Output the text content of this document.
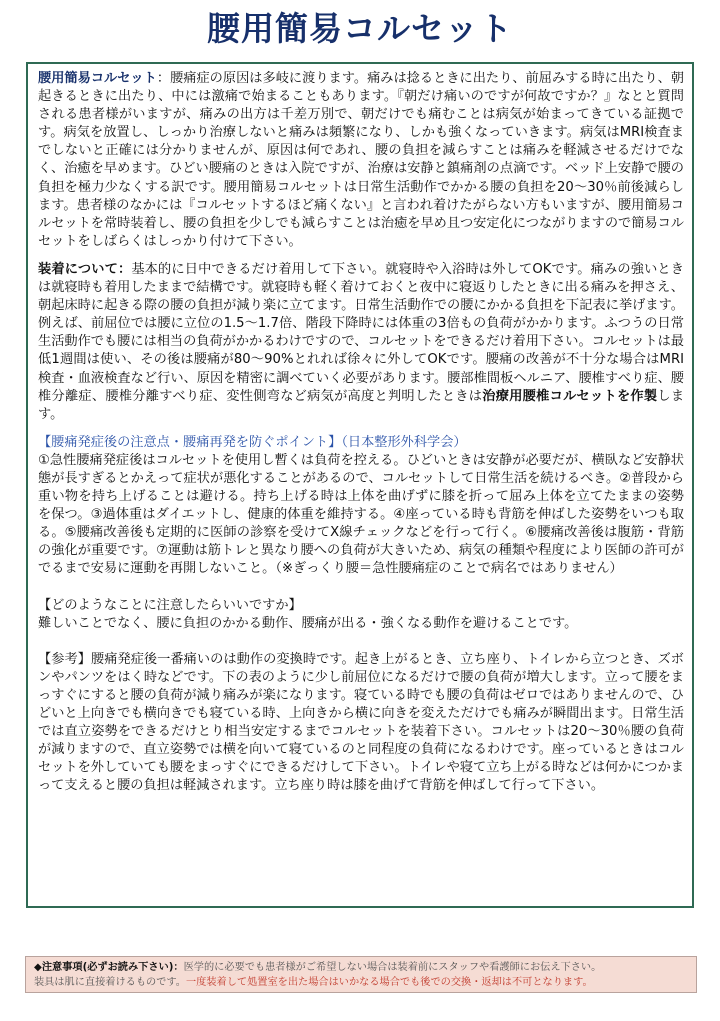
腰用簡易コルセット

腰用簡易コルセット：腰痛症の原因は多岐に渡ります。痛みは捻るときに出たり、前屈みする時に出たり、朝起きるときに出たり、中には激痛で始まることもあります。『朝だけ痛いのですが何故ですか？』なとと質問される患者様がいますが、痛みの出方は千差万別で、朝だけでも痛むことは病気が始まってきている証拠です。病気を放置し、しっかり治療しないと痛みは頻繁になり、しかも強くなっていきます。病気はMRI検査までしないと正確には分かりませんが、原因は何であれ、腰の負担を減らすことは痛みを軽減させるだけでなく、治癒を早めます。ひどい腰痛のときは入院ですが、治療は安静と鎮痛剤の点滴です。ベッド上安静で腰の負担を極力少なくする訳です。腰用簡易コルセットは日常生活動作でかかる腰の負担を20～30％前後減らします。患者様のなかには『コルセットするほど痛くない』と言われ着けたがらない方もいますが、腰用簡易コルセットを常時装着し、腰の負担を少しでも減らすことは治癒を早め且つ安定化につながりますので簡易コルセットをしばらくはしっかり付けて下さい。

装着について：基本的に日中できるだけ着用して下さい。就寝時や入浴時は外してOKです。痛みの強いときは就寝時も着用したままで結構です。就寝時も軽く着けておくと夜中に寝返りしたときに出る痛みを押さえ、朝起床時に起きる際の腰の負担が減り楽に立てます。日常生活動作での腰にかかる負担を下記表に挙げます。例えば、前屈位では腰に立位の1.5～1.7倍、階段下降時には体重の3倍もの負荷がかかります。ふつうの日常生活動作でも腰には相当の負荷がかかるわけですので、コルセットをできるだけ着用下さい。コルセットは最低1週間は使い、その後は腰痛が80～90%とれれば徐々に外してOKです。腰痛の改善が不十分な場合はMRI検査・血液検査など行い、原因を精密に調べていく必要があります。腰部椎間板ヘルニア、腰椎すべり症、腰椎分離症、腰椎分離すべり症、変性側弯など病気が高度と判明したときは治療用腰椎コルセットを作製します。

【腰痛発症後の注意点・腰痛再発を防ぐポイント】（日本整形外科学会）
①急性腰痛発症後はコルセットを使用し暫くは負荷を控える。ひどいときは安静が必要だが、横臥など安静状態が長すぎるとかえって症状が悪化することがあるので、コルセットして日常生活を続けるべき。②普段から重い物を持ち上げることは避ける。持ち上げる時は上体を曲げずに膝を折って屈み上体を立てたままの姿勢を保つ。③過体重はダイエットし、健康的体重を維持する。④座っている時も背筋を伸ばした姿勢をいつも取る。⑤腰痛改善後も定期的に医師の診察を受けてX線チェックなどを行って行く。⑥腰痛改善後は腹筋・背筋の強化が重要です。⑦運動は筋トレと異なり腰への負荷が大きいため、病気の種類や程度により医師の許可がでるまで安易に運動を再開しないこと。（※ぎっくり腰＝急性腰痛症のことで病名ではありません）

【どのようなことに注意したらいいですか】
難しいことでなく、腰に負担のかかる動作、腰痛が出る・強くなる動作を避けることです。

【参考】腰痛発症後一番痛いのは動作の変換時です。起き上がるとき、立ち座り、トイレから立つとき、ズボンやパンツをはく時などです。下の表のように少し前屈位になるだけで腰の負荷が増大します。立って腰をまっすぐにすると腰の負荷が減り痛みが楽になります。寝ている時でも腰の負荷はゼロではありませんので、ひどいと上向きでも横向きでも寝ている時、上向きから横に向きを変えただけでも痛みが瞬間出ます。日常生活では直立姿勢をできるだけとり相当安定するまでコルセットを装着下さい。コルセットは20～30％腰の負荷が減りますので、直立姿勢では横を向いて寝ているのと同程度の負荷になるわけです。座っているときはコルセットを外していても腰をまっすぐにできるだけして下さい。トイレや寝て立ち上がる時などは何かにつかまって支えると腰の負担は軽減されます。立ち座り時は膝を曲げて背筋を伸ばして行って下さい。

◆注意事項(必ずお読み下さい)：医学的に必要でも患者様がご希望しない場合は装着前にスタッフや看護師にお伝え下さい。
装具は肌に直接着けるものです。一度装着して処置室を出た場合はいかなる場合でも後での交換・返却は不可となります。
